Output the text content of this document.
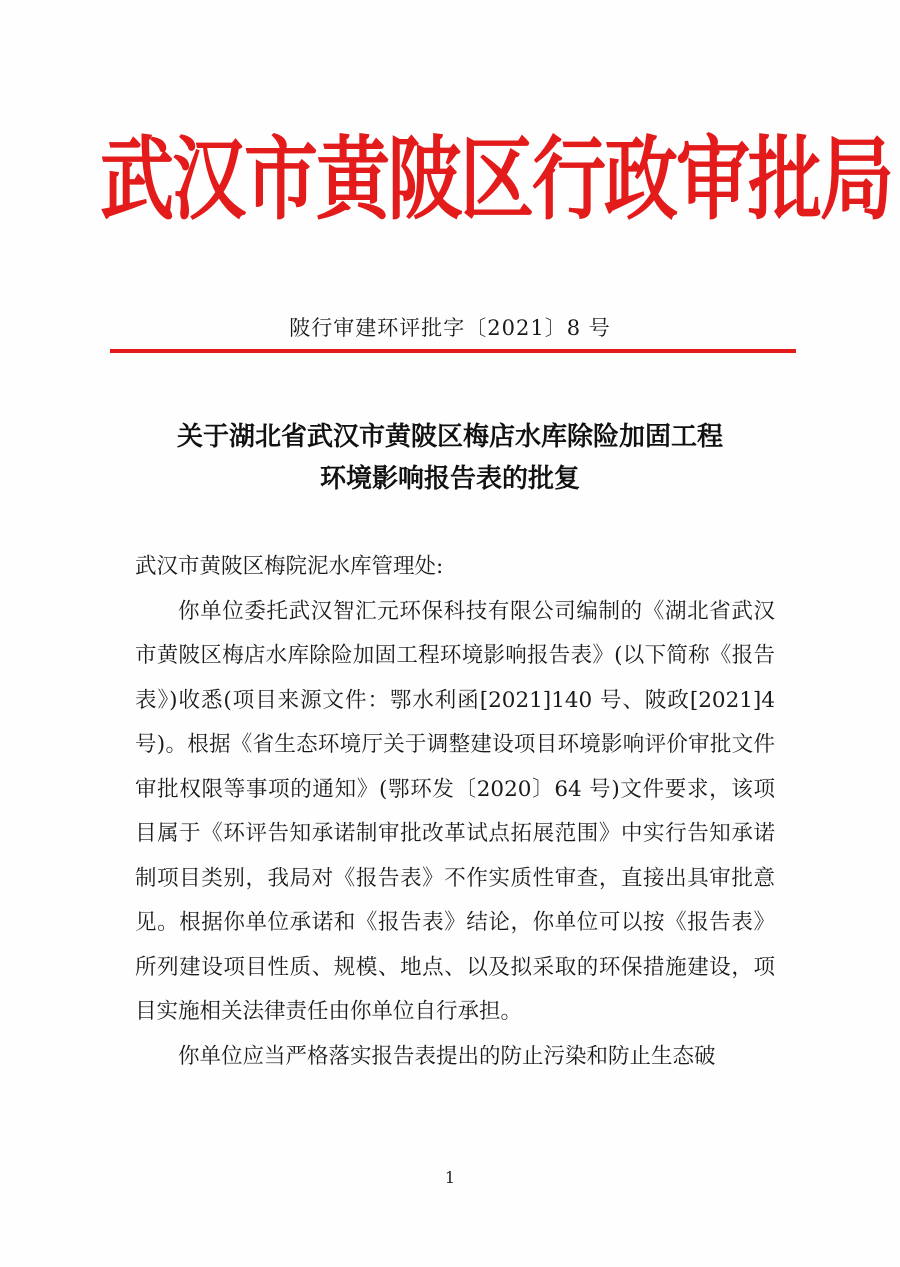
武汉市黄陂区行政审批局
陂行审建环评批字〔2021〕8 号
关于湖北省武汉市黄陂区梅店水库除险加固工程
环境影响报告表的批复
武汉市黄陂区梅院泥水库管理处:

你单位委托武汉智汇元环保科技有限公司编制的《湖北省武汉市黄陂区梅店水库除险加固工程环境影响报告表》(以下简称《报告表》)收悉(项目来源文件：鄂水利函[2021]140 号、陂政[2021]4 号)。根据《省生态环境厅关于调整建设项目环境影响评价审批文件审批权限等事项的通知》(鄂环发〔2020〕64 号)文件要求，该项目属于《环评告知承诺制审批改革试点拓展范围》中实行告知承诺制项目类别，我局对《报告表》不作实质性审查，直接出具审批意见。根据你单位承诺和《报告表》结论，你单位可以按《报告表》所列建设项目性质、规模、地点、以及拟采取的环保措施建设，项目实施相关法律责任由你单位自行承担。

你单位应当严格落实报告表提出的防止污染和防止生态破

1
